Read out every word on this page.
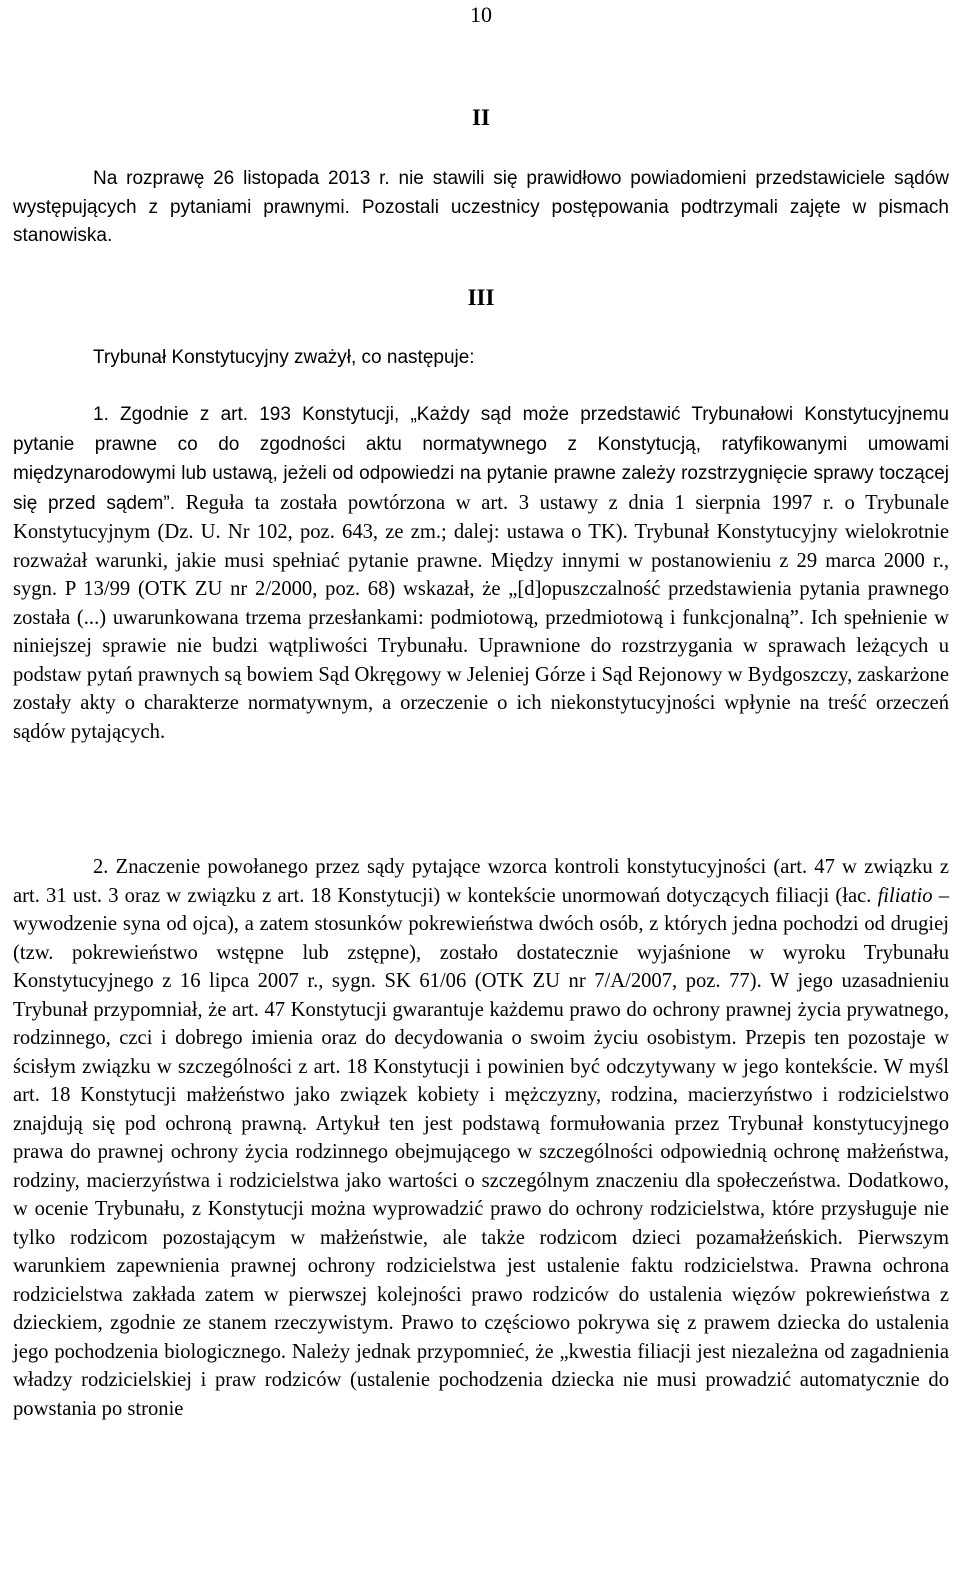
10
II

Na rozprawę 26 listopada 2013 r. nie stawili się prawidłowo powiadomieni przedstawiciele sądów występujących z pytaniami prawnymi. Pozostali uczestnicy postępowania podtrzymali zajęte w pismach stanowiska.

III

Trybunał Konstytucyjny zważył, co następuje:

1. Zgodnie z art. 193 Konstytucji, „Każdy sąd może przedstawić Trybunałowi Konstytucyjnemu pytanie prawne co do zgodności aktu normatywnego z Konstytucją, ratyfikowanymi umowami międzynarodowymi lub ustawą, jeżeli od odpowiedzi na pytanie prawne zależy rozstrzygnięcie sprawy toczącej się przed sądem”. Reguła ta została powtórzona w art. 3 ustawy z dnia 1 sierpnia 1997 r. o Trybunale Konstytucyjnym (Dz. U. Nr 102, poz. 643, ze zm.; dalej: ustawa o TK). Trybunał Konstytucyjny wielokrotnie rozważał warunki, jakie musi spełniać pytanie prawne. Między innymi w postanowieniu z 29 marca 2000 r., sygn. P 13/99 (OTK ZU nr 2/2000, poz. 68) wskazał, że „[d]opuszczalność przedstawienia pytania prawnego została (...) uwarunkowana trzema przesłankami: podmiotową, przedmiotową i funkcjonalną”. Ich spełnienie w niniejszej sprawie nie budzi wątpliwości Trybunału. Uprawnione do rozstrzygania w sprawach leżących u podstaw pytań prawnych są bowiem Sąd Okręgowy w Jeleniej Górze i Sąd Rejonowy w Bydgoszczy, zaskarżone zostały akty o charakterze normatywnym, a orzeczenie o ich niekonstytucyjności wpłynie na treść orzeczeń sądów pytających.

2. Znaczenie powołanego przez sądy pytające wzorca kontroli konstytucyjności (art. 47 w związku z art. 31 ust. 3 oraz w związku z art. 18 Konstytucji) w kontekście unormowań dotyczących filiacji (łac. filiatio – wywodzenie syna od ojca), a zatem stosunków pokrewieństwa dwóch osób, z których jedna pochodzi od drugiej (tzw. pokrewieństwo wstępne lub zstępne), zostało dostatecznie wyjaśnione w wyroku Trybunału Konstytucyjnego z 16 lipca 2007 r., sygn. SK 61/06 (OTK ZU nr 7/A/2007, poz. 77). W jego uzasadnieniu Trybunał przypomniał, że art. 47 Konstytucji gwarantuje każdemu prawo do ochrony prawnej życia prywatnego, rodzinnego, czci i dobrego imienia oraz do decydowania o swoim życiu osobistym. Przepis ten pozostaje w ścisłym związku w szczególności z art. 18 Konstytucji i powinien być odczytywany w jego kontekście. W myśl art. 18 Konstytucji małżeństwo jako związek kobiety i mężczyzny, rodzina, macierzyństwo i rodzicielstwo znajdują się pod ochroną prawną. Artykuł ten jest podstawą formułowania przez Trybunał konstytucyjnego prawa do prawnej ochrony życia rodzinnego obejmującego w szczególności odpowiednią ochronę małżeństwa, rodziny, macierzyństwa i rodzicielstwa jako wartości o szczególnym znaczeniu dla społeczeństwa. Dodatkowo, w ocenie Trybunału, z Konstytucji można wyprowadzić prawo do ochrony rodzicielstwa, które przysługuje nie tylko rodzicom pozostającym w małżeństwie, ale także rodzicom dzieci pozamałżeńskich. Pierwszym warunkiem zapewnienia prawnej ochrony rodzicielstwa jest ustalenie faktu rodzicielstwa. Prawna ochrona rodzicielstwa zakłada zatem w pierwszej kolejności prawo rodziców do ustalenia więzów pokrewieństwa z dzieckiem, zgodnie ze stanem rzeczywistym. Prawo to częściowo pokrywa się z prawem dziecka do ustalenia jego pochodzenia biologicznego. Należy jednak przypomnieć, że „kwestia filiacji jest niezależna od zagadnienia władzy rodzicielskiej i praw rodziców (ustalenie pochodzenia dziecka nie musi prowadzić automatycznie do powstania po stronie
